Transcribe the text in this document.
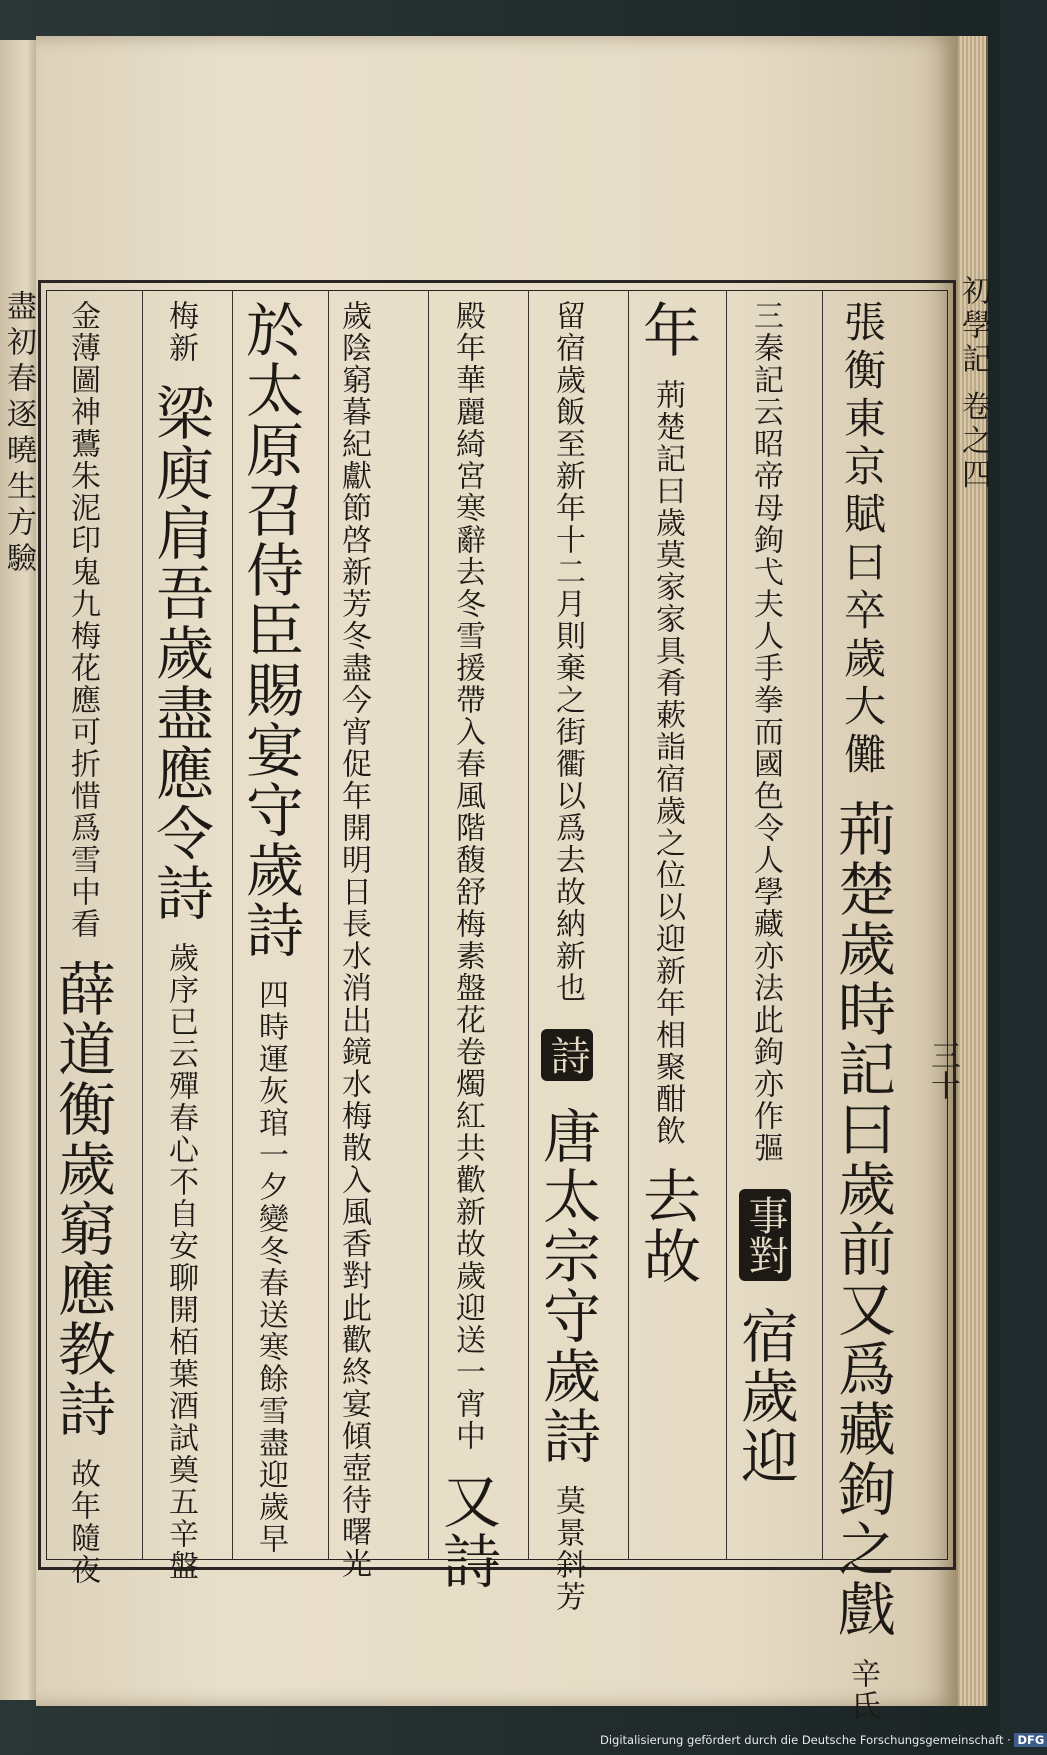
盡初春逐曉生方驗	初學記 卷之四
張衡東京賦曰卒歲大儺 荊楚歲時記曰歲前又爲藏鉤之戲 辛氏
三秦記云昭帝母鉤弋夫人手拳而國色令人學藏亦法此鉤亦作彄 事對 宿歲迎
年 荊楚記曰歲莫家家具肴蔌詣宿歲之位以迎新年相聚酣飲 去故
留宿歲飯至新年十二月則棄之街衢以爲去故納新也 詩 唐太宗守歲詩 莫景斜芳
殿年華麗綺宮寒辭去冬雪援帶入春風階馥舒梅素盤花卷燭紅共歡新故歲迎送一宵中 又詩
歲陰窮暮紀獻節啓新芳冬盡今宵促年開明日長水消出鏡水梅散入風香對此歡終宴傾壺待曙光
於太原召侍臣賜宴守歲詩 四時運灰琯一夕變冬春送寒餘雪盡迎歲早
梅新 梁庾肩吾歲盡應令詩 歲序已云殫春心不自安聊開栢葉酒試奠五辛盤
金薄圖神鷰朱泥印鬼九梅花應可折惜爲雪中看 薛道衡歲窮應教詩 故年隨夜
三十
Digitalisierung gefördert durch die Deutsche Forschungsgemeinschaft · DFG
